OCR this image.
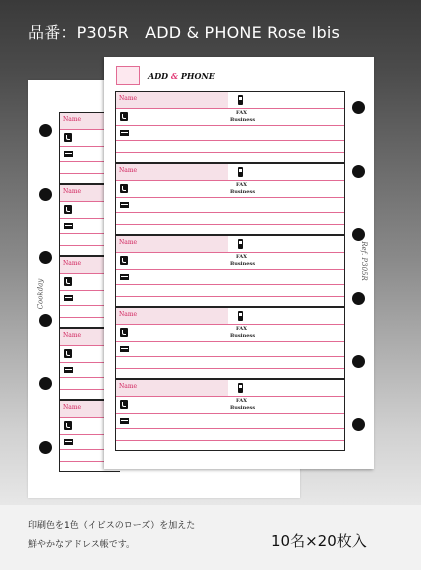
品番：P305R　ADD & PHONE Rose Ibis
Cookday
Name
Name
Name
Name
Name
Ref. P305R
Name
FAX
Business
Name
FAX
Business
Name
FAX
Business
Name
FAX
Business
Name
FAX
Business
ADD & PHONE
印刷色を1色（イビスのローズ）を加えた
鮮やかなアドレス帳です。	10名×20枚入
